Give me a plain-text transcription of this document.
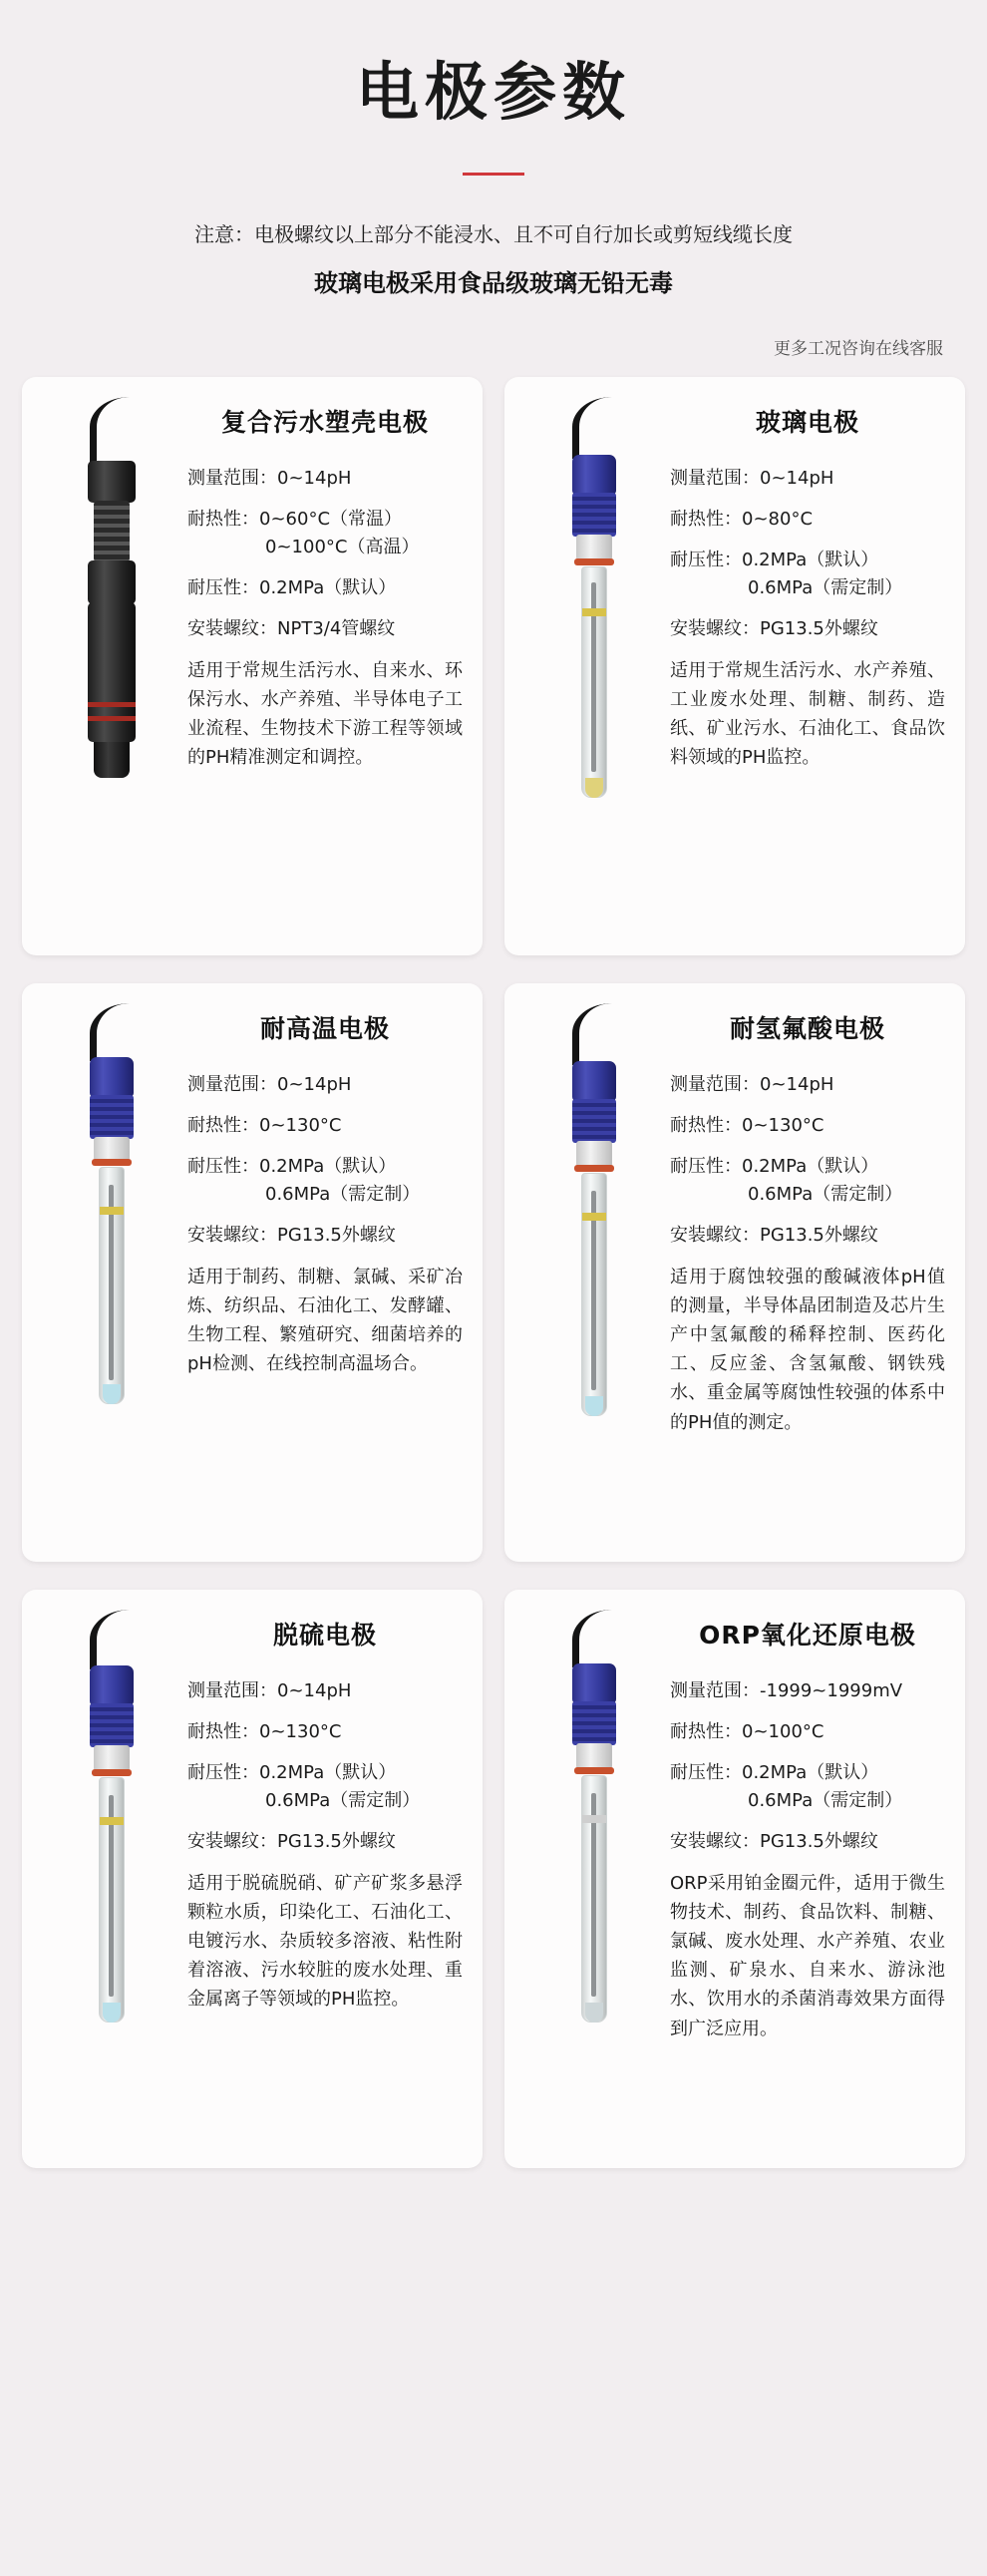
电极参数
注意：电极螺纹以上部分不能浸水、且不可自行加长或剪短线缆长度
玻璃电极采用食品级玻璃无铅无毒
更多工况咨询在线客服
复合污水塑壳电极
测量范围：0~14pH
耐热性：0~60°C（常温）
0~100°C（高温）
耐压性：0.2MPa（默认）
安装螺纹：NPT3/4管螺纹
适用于常规生活污水、自来水、环保污水、水产养殖、半导体电子工业流程、生物技术下游工程等领域的PH精准测定和调控。
玻璃电极
测量范围：0~14pH
耐热性：0~80°C
耐压性：0.2MPa（默认）
0.6MPa（需定制）
安装螺纹：PG13.5外螺纹
适用于常规生活污水、水产养殖、工业废水处理、制糖、制药、造纸、矿业污水、石油化工、食品饮料领域的PH监控。
耐高温电极
测量范围：0~14pH
耐热性：0~130°C
耐压性：0.2MPa（默认）
0.6MPa（需定制）
安装螺纹：PG13.5外螺纹
适用于制药、制糖、氯碱、采矿冶炼、纺织品、石油化工、发酵罐、生物工程、繁殖研究、细菌培养的pH检测、在线控制高温场合。
耐氢氟酸电极
测量范围：0~14pH
耐热性：0~130°C
耐压性：0.2MPa（默认）
0.6MPa（需定制）
安装螺纹：PG13.5外螺纹
适用于腐蚀较强的酸碱液体pH值的测量，半导体晶团制造及芯片生产中氢氟酸的稀释控制、医药化工、反应釜、含氢氟酸、钢铁残水、重金属等腐蚀性较强的体系中的PH值的测定。
脱硫电极
测量范围：0~14pH
耐热性：0~130°C
耐压性：0.2MPa（默认）
0.6MPa（需定制）
安装螺纹：PG13.5外螺纹
适用于脱硫脱硝、矿产矿浆多悬浮颗粒水质，印染化工、石油化工、电镀污水、杂质较多溶液、粘性附着溶液、污水较脏的废水处理、重金属离子等领域的PH监控。
ORP氧化还原电极
测量范围：-1999~1999mV
耐热性：0~100°C
耐压性：0.2MPa（默认）
0.6MPa（需定制）
安装螺纹：PG13.5外螺纹
ORP采用铂金圈元件，适用于微生物技术、制药、食品饮料、制糖、氯碱、废水处理、水产养殖、农业监测、矿泉水、自来水、游泳池水、饮用水的杀菌消毒效果方面得到广泛应用。
